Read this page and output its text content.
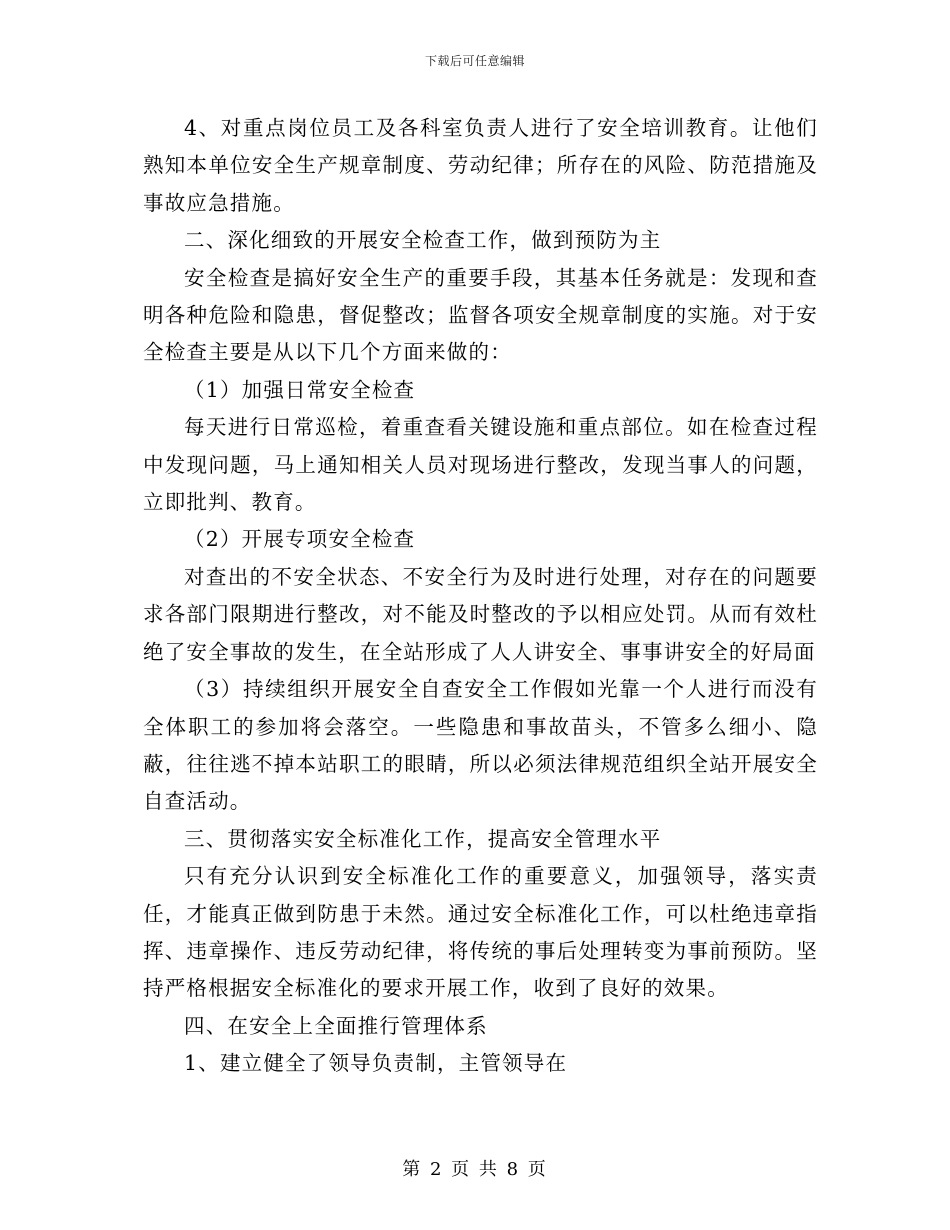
下载后可任意编辑

4、对重点岗位员工及各科室负责人进行了安全培训教育。让他们熟知本单位安全生产规章制度、劳动纪律；所存在的风险、防范措施及事故应急措施。

二、深化细致的开展安全检查工作，做到预防为主

安全检查是搞好安全生产的重要手段，其基本任务就是：发现和查明各种危险和隐患，督促整改；监督各项安全规章制度的实施。对于安全检查主要是从以下几个方面来做的：

（1）加强日常安全检查

每天进行日常巡检，着重查看关键设施和重点部位。如在检查过程中发现问题，马上通知相关人员对现场进行整改，发现当事人的问题，立即批判、教育。

（2）开展专项安全检查

对查出的不安全状态、不安全行为及时进行处理，对存在的问题要求各部门限期进行整改，对不能及时整改的予以相应处罚。从而有效杜绝了安全事故的发生，在全站形成了人人讲安全、事事讲安全的好局面

（3）持续组织开展安全自查安全工作假如光靠一个人进行而没有全体职工的参加将会落空。一些隐患和事故苗头，不管多么细小、隐蔽，往往逃不掉本站职工的眼睛，所以必须法律规范组织全站开展安全自查活动。

三、贯彻落实安全标准化工作，提高安全管理水平

只有充分认识到安全标准化工作的重要意义，加强领导，落实责任，才能真正做到防患于未然。通过安全标准化工作，可以杜绝违章指挥、违章操作、违反劳动纪律，将传统的事后处理转变为事前预防。坚持严格根据安全标准化的要求开展工作，收到了良好的效果。

四、在安全上全面推行管理体系

1、建立健全了领导负责制，主管领导在

第 2 页 共 8 页
